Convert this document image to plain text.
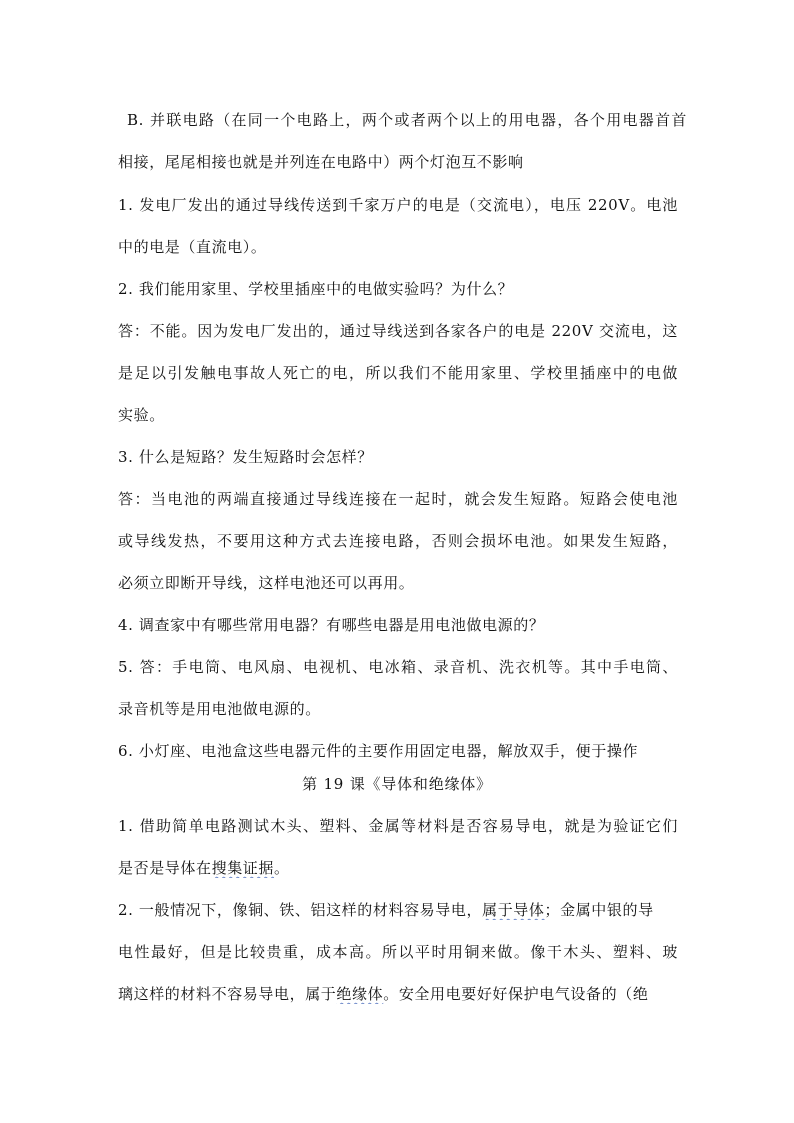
B. 并联电路（在同一个电路上，两个或者两个以上的用电器，各个用电器首首
相接，尾尾相接也就是并列连在电路中）两个灯泡互不影响
1. 发电厂发出的通过导线传送到千家万户的电是（交流电），电压 220V。电池
中的电是（直流电）。
2. 我们能用家里、学校里插座中的电做实验吗？为什么？
答：不能。因为发电厂发出的，通过导线送到各家各户的电是 220V 交流电，这
是足以引发触电事故人死亡的电，所以我们不能用家里、学校里插座中的电做
实验。
3. 什么是短路？发生短路时会怎样？
答：当电池的两端直接通过导线连接在一起时，就会发生短路。短路会使电池
或导线发热，不要用这种方式去连接电路，否则会损坏电池。如果发生短路，
必须立即断开导线，这样电池还可以再用。
4. 调查家中有哪些常用电器？有哪些电器是用电池做电源的？
5. 答：手电筒、电风扇、电视机、电冰箱、录音机、洗衣机等。其中手电筒、
录音机等是用电池做电源的。
6. 小灯座、电池盒这些电器元件的主要作用固定电器，解放双手，便于操作
第 19 课《导体和绝缘体》
1. 借助简单电路测试木头、塑料、金属等材料是否容易导电，就是为验证它们
是否是导体在搜集证据。
2. 一般情况下，像铜、铁、铝这样的材料容易导电，属于导体；金属中银的导
电性最好，但是比较贵重，成本高。所以平时用铜来做。像干木头、塑料、玻
璃这样的材料不容易导电，属于绝缘体。安全用电要好好保护电气设备的（绝
